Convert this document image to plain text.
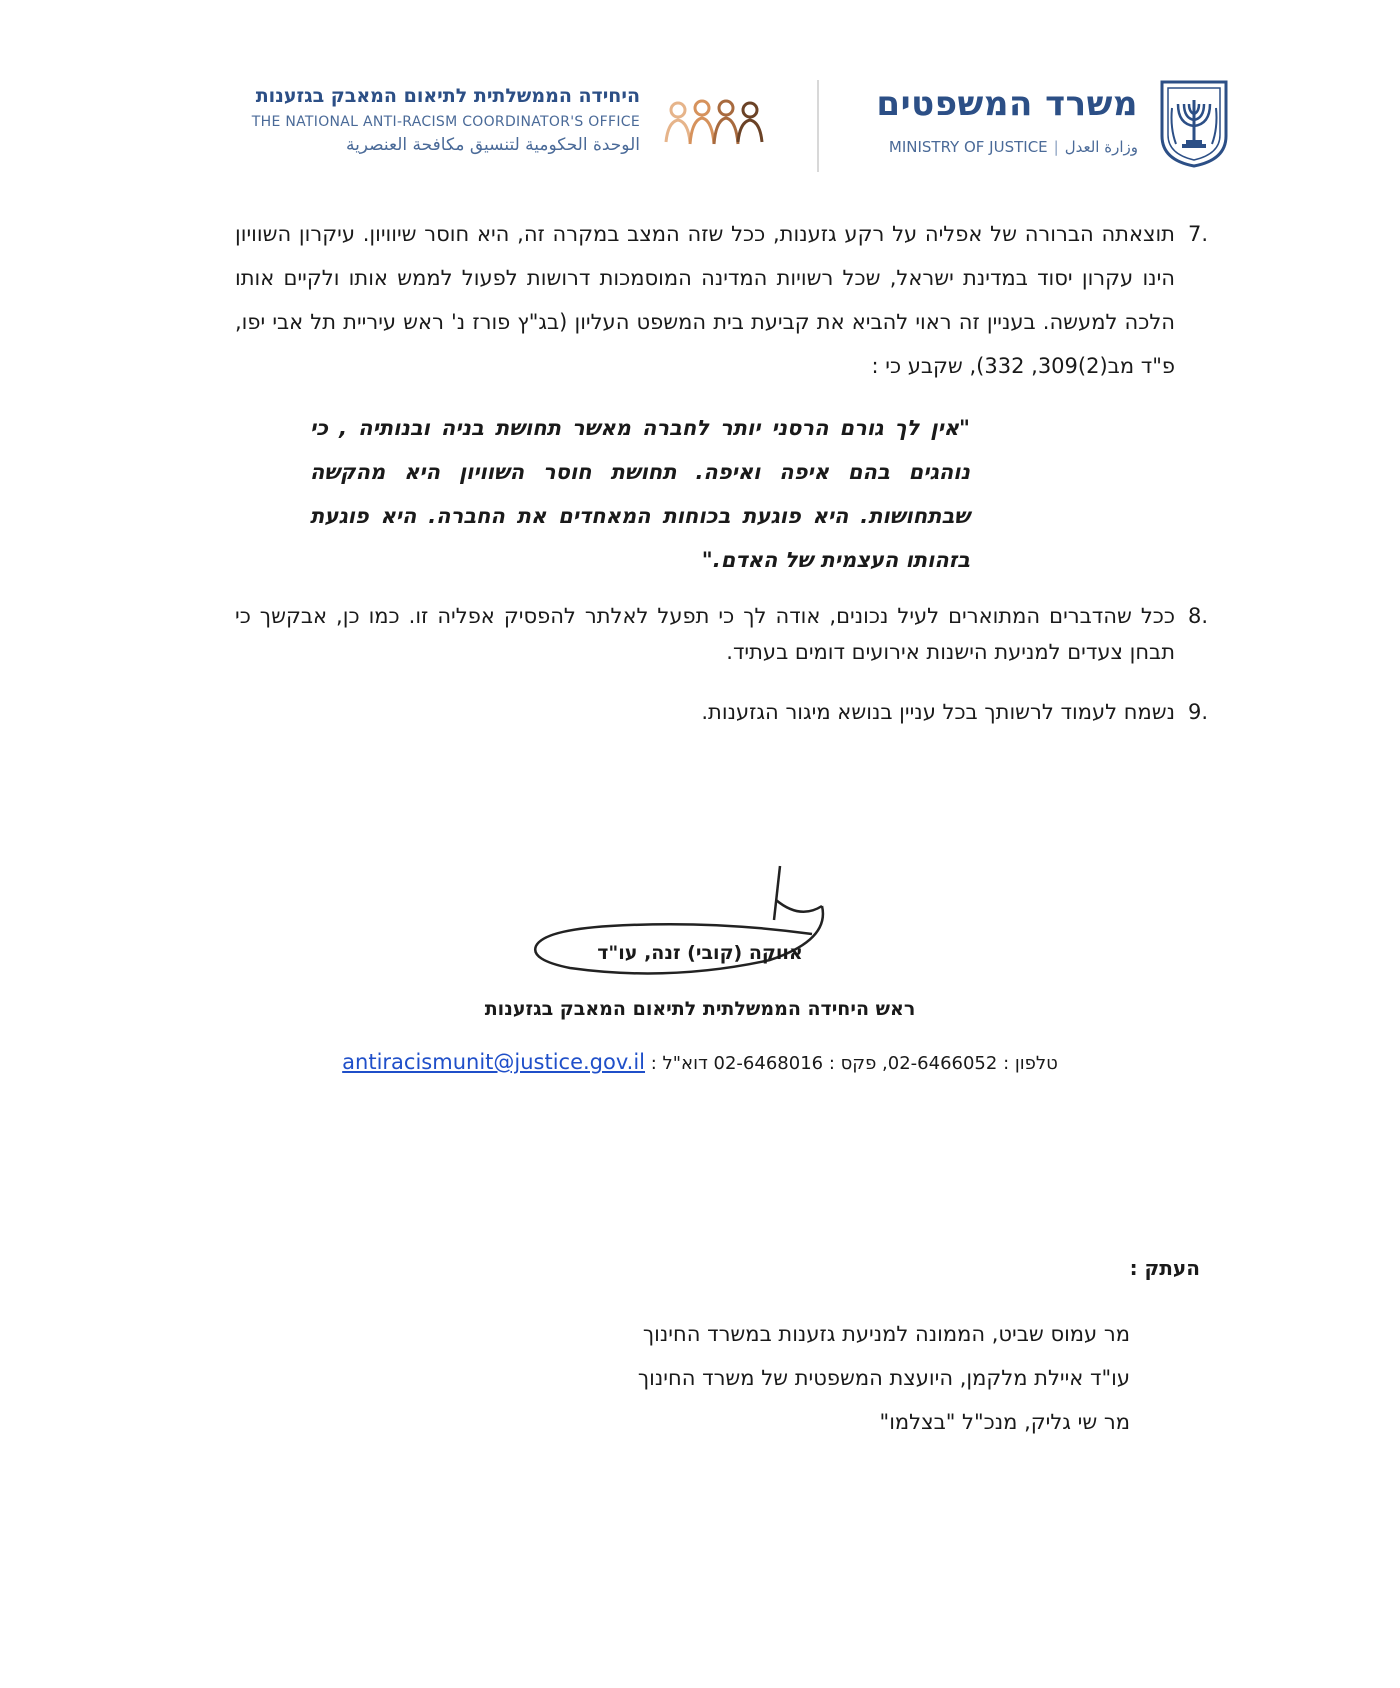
משרד המשפטים
MINISTRY OF JUSTICE | وزارة العدل
היחידה הממשלתית לתיאום המאבק בגזענות
THE NATIONAL ANTI-RACISM COORDINATOR'S OFFICE
الوحدة الحكومية لتنسيق مكافحة العنصرية
.7
תוצאתה הברורה של אפליה על רקע גזענות, ככל שזה המצב במקרה זה, היא חוסר שיוויון. עיקרון השוויון הינו עקרון יסוד במדינת ישראל, שכל רשויות המדינה המוסמכות דרושות לפעול לממש אותו ולקיים אותו הלכה למעשה. בעניין זה ראוי להביא את קביעת בית המשפט העליון (בג"ץ פורז נ' ראש עיריית תל אבי יפו, פ"ד מב(2)309, 332), שקבע כי :
"אין לך גורם הרסני יותר לחברה מאשר תחושת בניה ובנותיה , כי נוהגים בהם איפה ואיפה. תחושת חוסר השוויון היא מהקשה שבתחושות. היא פוגעת בכוחות המאחדים את החברה. היא פוגעת בזהותו העצמית של האדם."
.8
ככל שהדברים המתוארים לעיל נכונים, אודה לך כי תפעל לאלתר להפסיק אפליה זו. כמו כן, אבקשך כי תבחן צעדים למניעת הישנות אירועים דומים בעתיד.
.9
נשמח לעמוד לרשותך בכל עניין בנושא מיגור הגזענות.
אווקה (קובי) זנה, עו"ד
ראש היחידה הממשלתית לתיאום המאבק בגזענות
טלפון : 02-6466052, פקס : 02-6468016 דוא"ל : antiracismunit@justice.gov.il
העתק :
מר עמוס שביט, הממונה למניעת גזענות במשרד החינוך
עו"ד איילת מלקמן, היועצת המשפטית של משרד החינוך
מר שי גליק, מנכ"ל "בצלמו"
